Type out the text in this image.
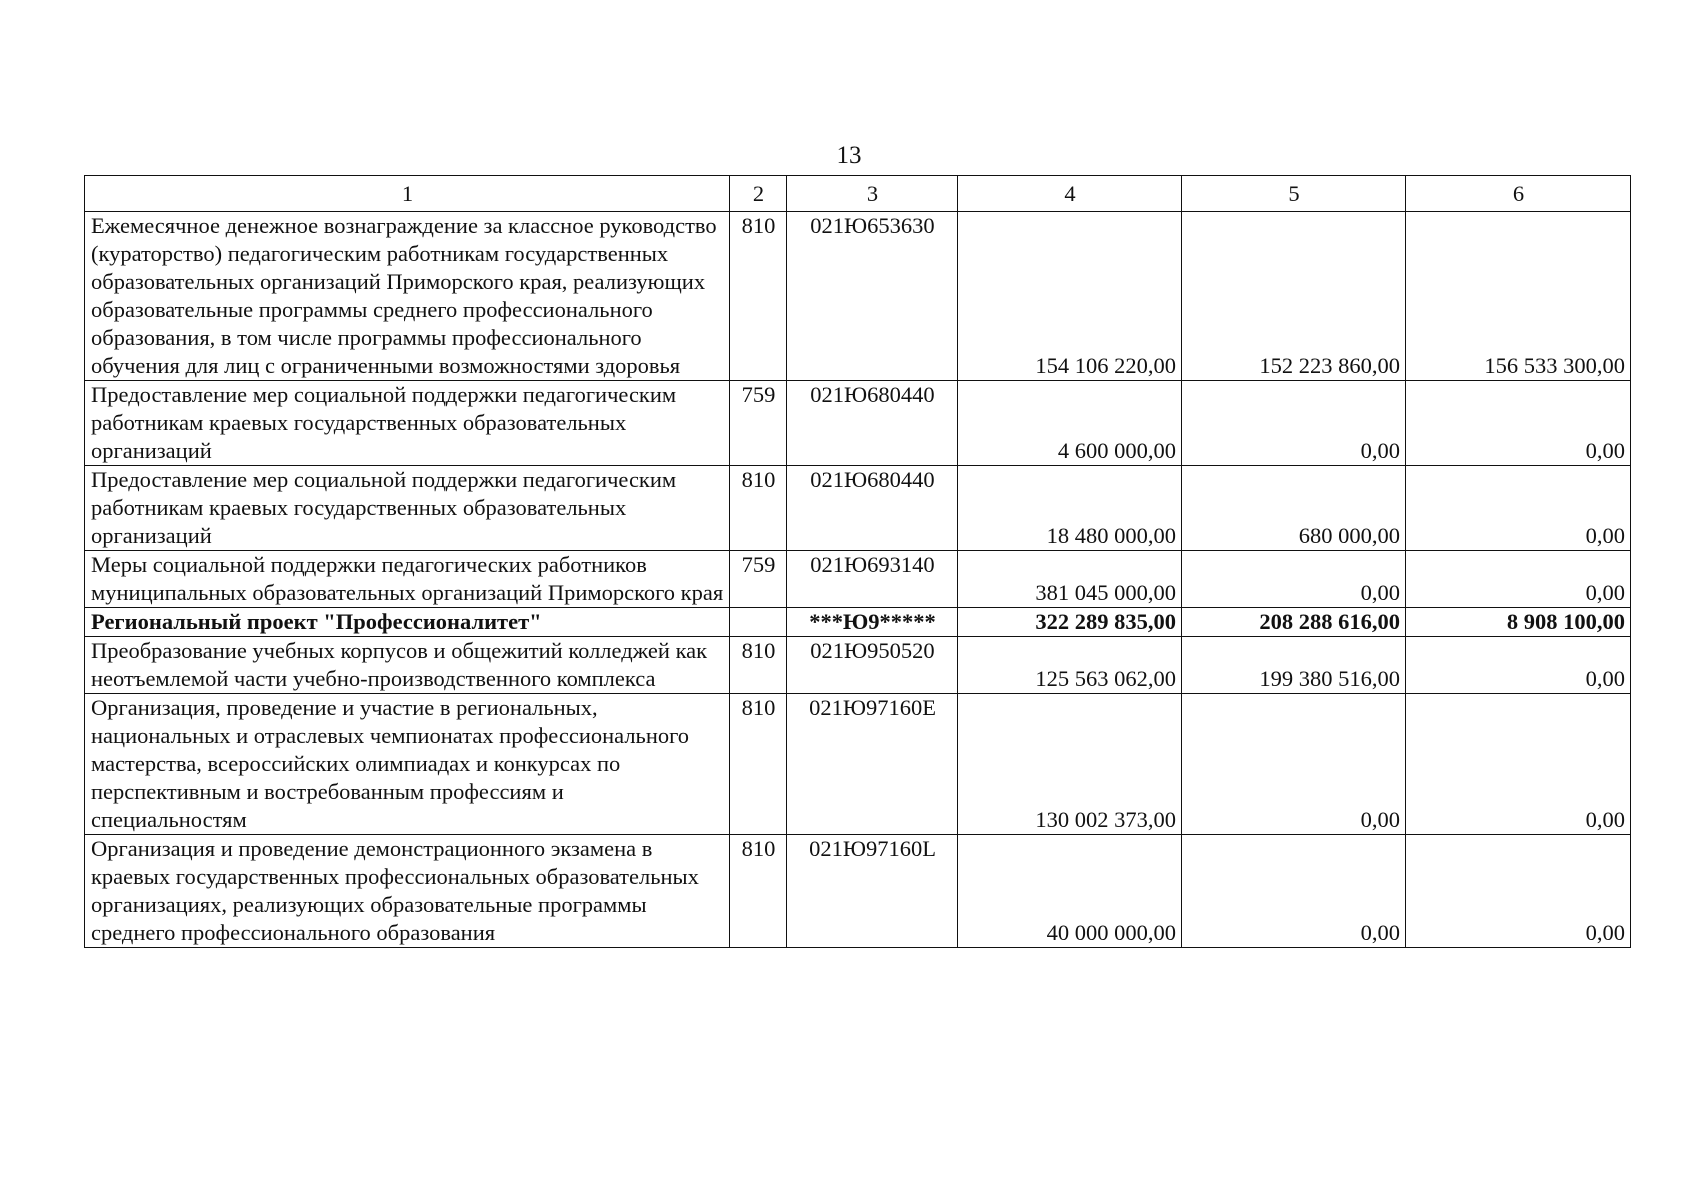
13
1	2	3	4	5	6
Ежемесячное денежное вознаграждение за классное руководство (кураторство) педагогическим работникам государственных образовательных организаций Приморского края, реализующих образовательные программы среднего профессионального образования, в том числе программы профессионального обучения для лиц с ограниченными возможностями здоровья	810	021Ю653630	154 106 220,00	152 223 860,00	156 533 300,00
Предоставление мер социальной поддержки педагогическим работникам краевых государственных образовательных организаций	759	021Ю680440	4 600 000,00	0,00	0,00
Предоставление мер социальной поддержки педагогическим работникам краевых государственных образовательных организаций	810	021Ю680440	18 480 000,00	680 000,00	0,00
Меры социальной поддержки педагогических работников муниципальных образовательных организаций Приморского края	759	021Ю693140	381 045 000,00	0,00	0,00
Региональный проект "Профессионалитет"		***Ю9*****	322 289 835,00	208 288 616,00	8 908 100,00
Преобразование учебных корпусов и общежитий колледжей как неотъемлемой части учебно-производственного комплекса	810	021Ю950520	125 563 062,00	199 380 516,00	0,00
Организация, проведение и участие в региональных, национальных и отраслевых чемпионатах профессионального мастерства, всероссийских олимпиадах и конкурсах по перспективным и востребованным профессиям и специальностям	810	021Ю97160Е	130 002 373,00	0,00	0,00
Организация и проведение демонстрационного экзамена в краевых государственных профессиональных образовательных организациях, реализующих образовательные программы среднего профессионального образования	810	021Ю97160L	40 000 000,00	0,00	0,00
